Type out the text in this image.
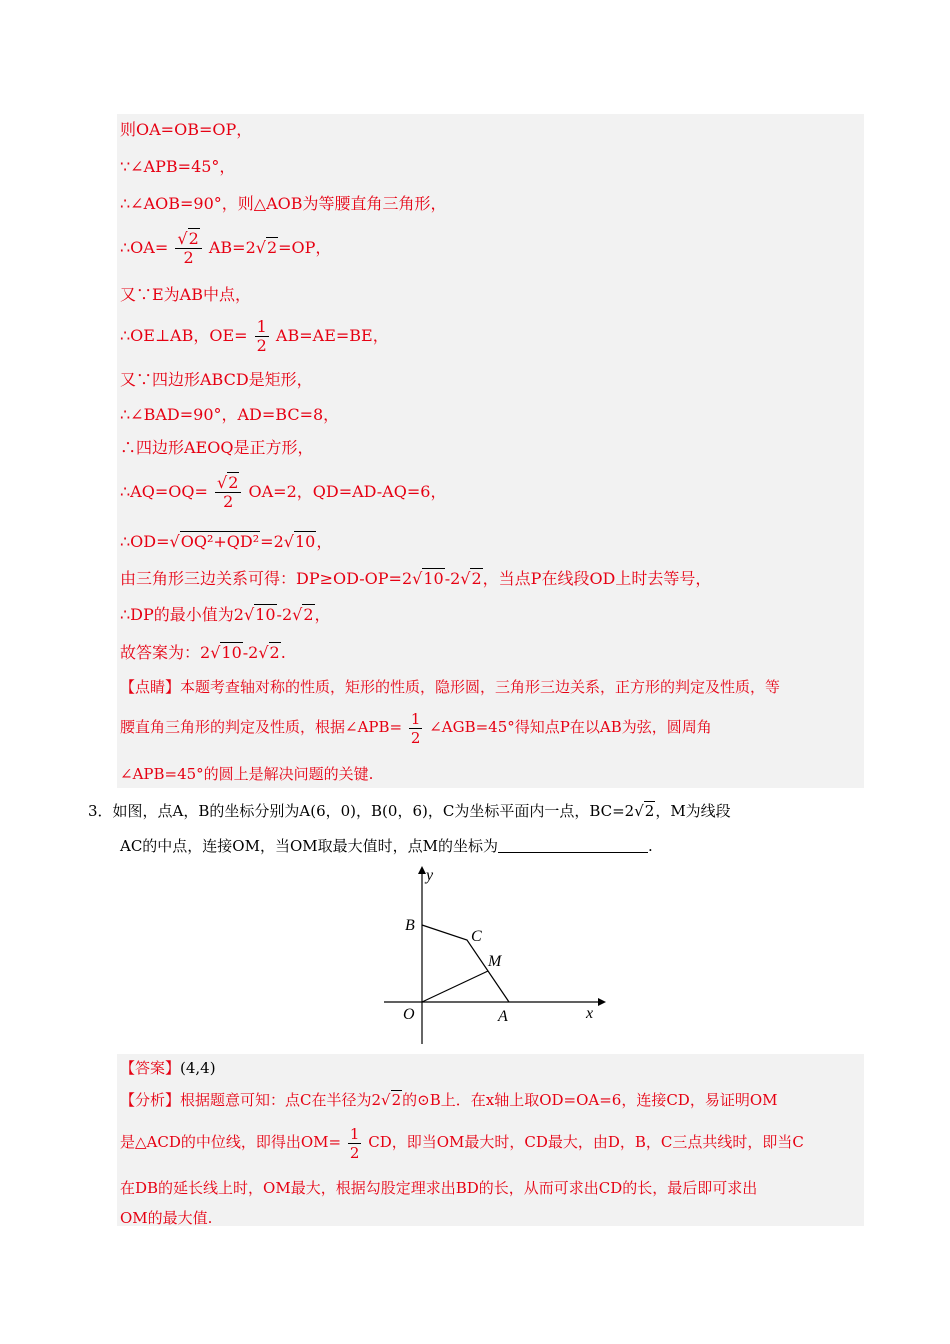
则OA=OB=OP，
∵∠APB=45°，
∴∠AOB=90°，则△AOB为等腰直角三角形，
∴OA= $\frac{√2}{2} AB=2√2=OP$，
又∵E为AB中点，
∴OE⊥AB，$OE= \frac{1}{2} AB=AE=BE$，
又∵四边形ABCD是矩形，
∴∠BAD=90°，AD=BC=8，
∴四边形AEOQ是正方形，
∴AQ=OQ= $\frac{√2}{2} OA=2$，QD=AD-AQ=6，
∴OD=√OQ²+QD²=2√10，
由三角形三边关系可得：DP≥OD-OP=2√10-2√2，当点P在线段OD上时去等号，
∴DP的最小值为2√10-2√2，
故答案为：2√10-2√2.
【点睛】本题考查轴对称的性质，矩形的性质，隐形圆，三角形三边关系，正方形的判定及性质，等
腰直角三角形的判定及性质，根据∠APB= $\frac{1}{2}$ ∠AGB=45°得知点P在以AB为弦，圆周角
∠APB=45°的圆上是解决问题的关键.
3．如图，点A，B的坐标分别为A(6，0)，B(0，6)，C为坐标平面内一点，BC=2√2，M为线段
AC的中点，连接OM，当OM取最大值时，点M的坐标为	.
y
x
B
C
M
O	A
【答案】(4,4)
【分析】根据题意可知：点C在半径为2√2的⊙B上．在x轴上取OD=OA=6，连接CD，易证明OM
是△ACD的中位线，即得出$OM= \frac{1}{2}$ CD，即当OM最大时，CD最大，由D，B，C三点共线时，即当C
在DB的延长线上时，OM最大，根据勾股定理求出BD的长，从而可求出CD的长，最后即可求出
OM的最大值.
